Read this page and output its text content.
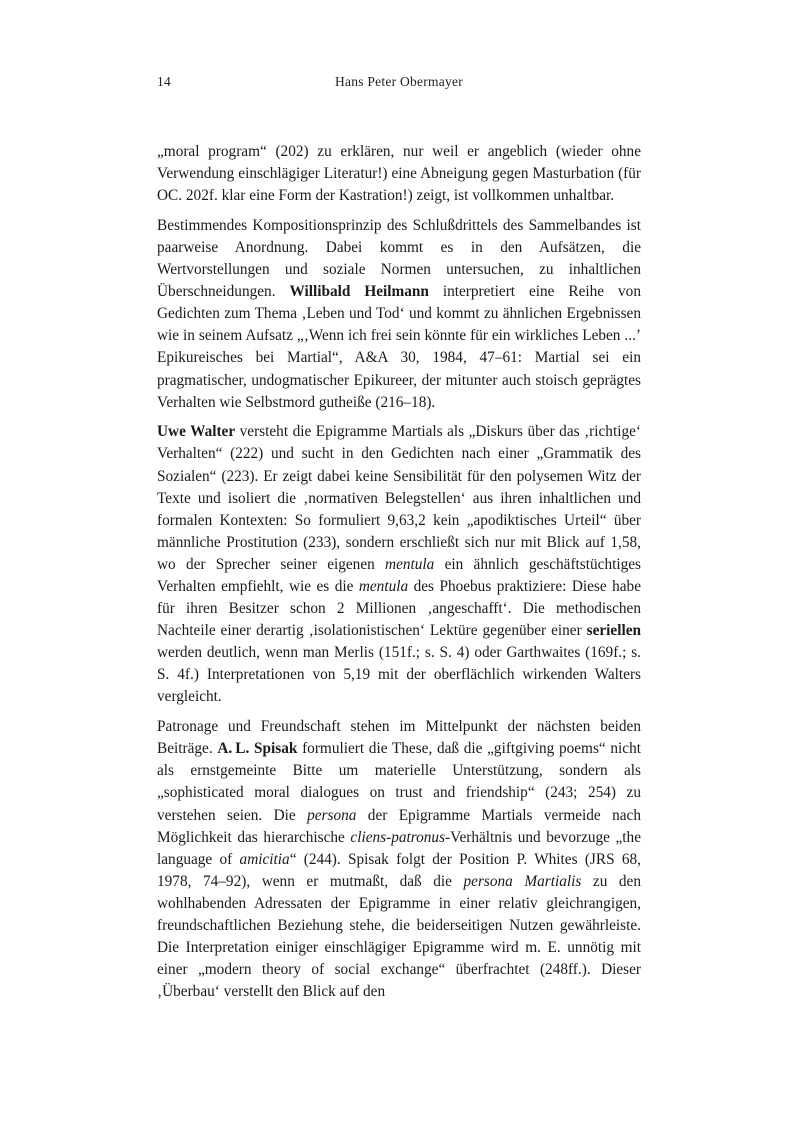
14	Hans Peter Obermayer

„moral program“ (202) zu erklären, nur weil er angeblich (wieder ohne Verwendung einschlägiger Literatur!) eine Abneigung gegen Masturbation (für OC. 202f. klar eine Form der Kastration!) zeigt, ist vollkommen unhaltbar.

Bestimmendes Kompositionsprinzip des Schlußdrittels des Sammelbandes ist paarweise Anordnung. Dabei kommt es in den Aufsätzen, die Wertvorstellungen und soziale Normen untersuchen, zu inhaltlichen Überschneidungen. Willibald Heilmann interpretiert eine Reihe von Gedichten zum Thema ‚Leben und Tod‘ und kommt zu ähnlichen Ergebnissen wie in seinem Aufsatz „‚Wenn ich frei sein könnte für ein wirkliches Leben ...’ Epikureisches bei Martial“, A&A 30, 1984, 47–61: Martial sei ein pragmatischer, undogmatischer Epikureer, der mitunter auch stoisch geprägtes Verhalten wie Selbstmord gutheiße (216–18).

Uwe Walter versteht die Epigramme Martials als „Diskurs über das ‚richtige‘ Verhalten“ (222) und sucht in den Gedichten nach einer „Grammatik des Sozialen“ (223). Er zeigt dabei keine Sensibilität für den polysemen Witz der Texte und isoliert die ‚normativen Belegstellen‘ aus ihren inhaltlichen und formalen Kontexten: So formuliert 9,63,2 kein „apodiktisches Urteil“ über männliche Prostitution (233), sondern erschließt sich nur mit Blick auf 1,58, wo der Sprecher seiner eigenen mentula ein ähnlich geschäftstüchtiges Verhalten empfiehlt, wie es die mentula des Phoebus praktiziere: Diese habe für ihren Besitzer schon 2 Millionen ‚angeschafft‘. Die methodischen Nachteile einer derartig ‚isolationistischen‘ Lektüre gegenüber einer seriellen werden deutlich, wenn man Merlis (151f.; s. S. 4) oder Garthwaites (169f.; s. S. 4f.) Interpretationen von 5,19 mit der oberflächlich wirkenden Walters vergleicht.

Patronage und Freundschaft stehen im Mittelpunkt der nächsten beiden Beiträge. A. L. Spisak formuliert die These, daß die „giftgiving poems“ nicht als ernstgemeinte Bitte um materielle Unterstützung, sondern als „sophisticated moral dialogues on trust and friendship“ (243; 254) zu verstehen seien. Die persona der Epigramme Martials vermeide nach Möglichkeit das hierarchische cliens-patronus-Verhältnis und bevorzuge „the language of amicitia“ (244). Spisak folgt der Position P. Whites (JRS 68, 1978, 74–92), wenn er mutmaßt, daß die persona Martialis zu den wohlhabenden Adressaten der Epigramme in einer relativ gleichrangigen, freundschaftlichen Beziehung stehe, die beiderseitigen Nutzen gewährleiste. Die Interpretation einiger einschlägiger Epigramme wird m. E. unnötig mit einer „modern theory of social exchange“ überfrachtet (248ff.). Dieser ‚Überbau‘ verstellt den Blick auf den
